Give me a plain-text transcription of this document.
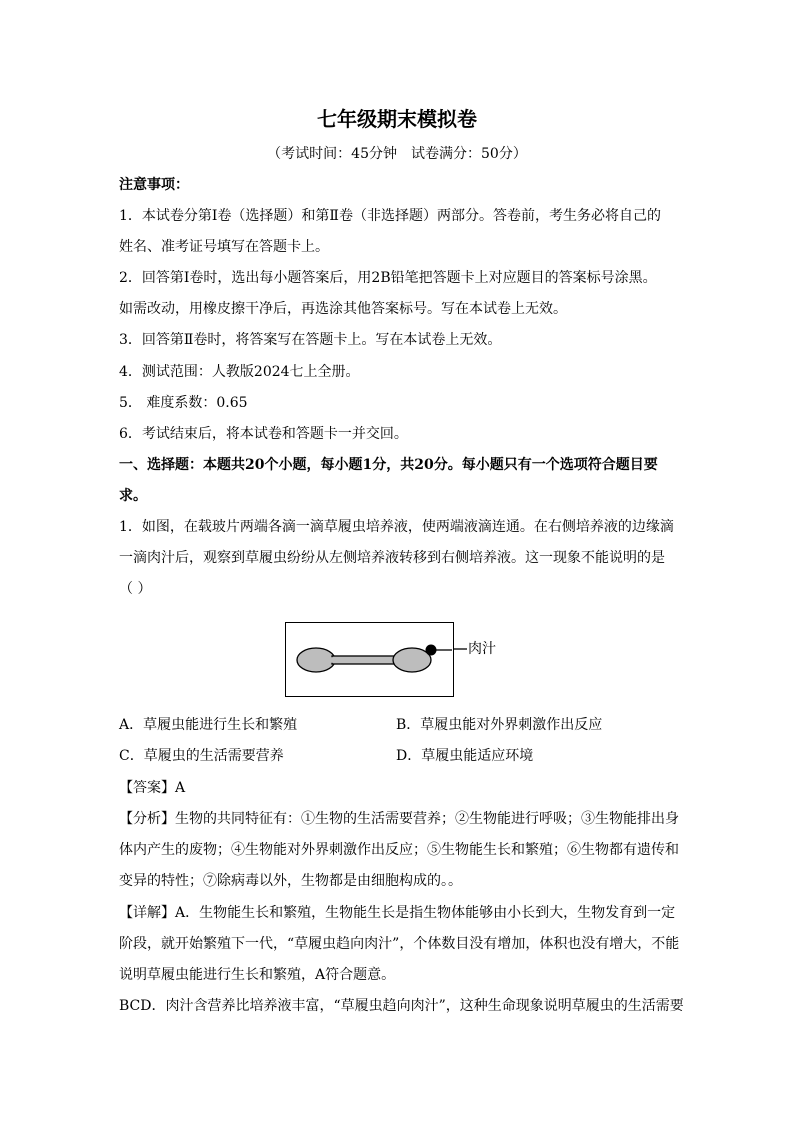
七年级期末模拟卷
（考试时间：45分钟 试卷满分：50分）
注意事项：
1．本试卷分第Ⅰ卷（选择题）和第Ⅱ卷（非选择题）两部分。答卷前，考生务必将自己的
姓名、准考证号填写在答题卡上。
2．回答第Ⅰ卷时，选出每小题答案后，用2B铅笔把答题卡上对应题目的答案标号涂黑。
如需改动，用橡皮擦干净后，再选涂其他答案标号。写在本试卷上无效。
3．回答第Ⅱ卷时，将答案写在答题卡上。写在本试卷上无效。
4．测试范围：人教版2024七上全册。
5． 难度系数：0.65
6．考试结束后，将本试卷和答题卡一并交回。
一、选择题：本题共20个小题，每小题1分，共20分。每小题只有一个选项符合题目要
求。
1．如图，在载玻片两端各滴一滴草履虫培养液，使两端液滴连通。在右侧培养液的边缘滴
一滴肉汁后，观察到草履虫纷纷从左侧培养液转移到右侧培养液。这一现象不能说明的是
（ ）
肉汁
A．草履虫能进行生长和繁殖	B．草履虫能对外界刺激作出反应
C．草履虫的生活需要营养	D．草履虫能适应环境
【答案】A
【分析】生物的共同特征有：①生物的生活需要营养；②生物能进行呼吸；③生物能排出身
体内产生的废物；④生物能对外界刺激作出反应；⑤生物能生长和繁殖；⑥生物都有遗传和
变异的特性；⑦除病毒以外，生物都是由细胞构成的。。
【详解】A．生物能生长和繁殖，生物能生长是指生物体能够由小长到大，生物发育到一定
阶段，就开始繁殖下一代，“草履虫趋向肉汁”，个体数目没有增加，体积也没有增大，不能
说明草履虫能进行生长和繁殖，A符合题意。
BCD．肉汁含营养比培养液丰富，“草履虫趋向肉汁”，这种生命现象说明草履虫的生活需要
